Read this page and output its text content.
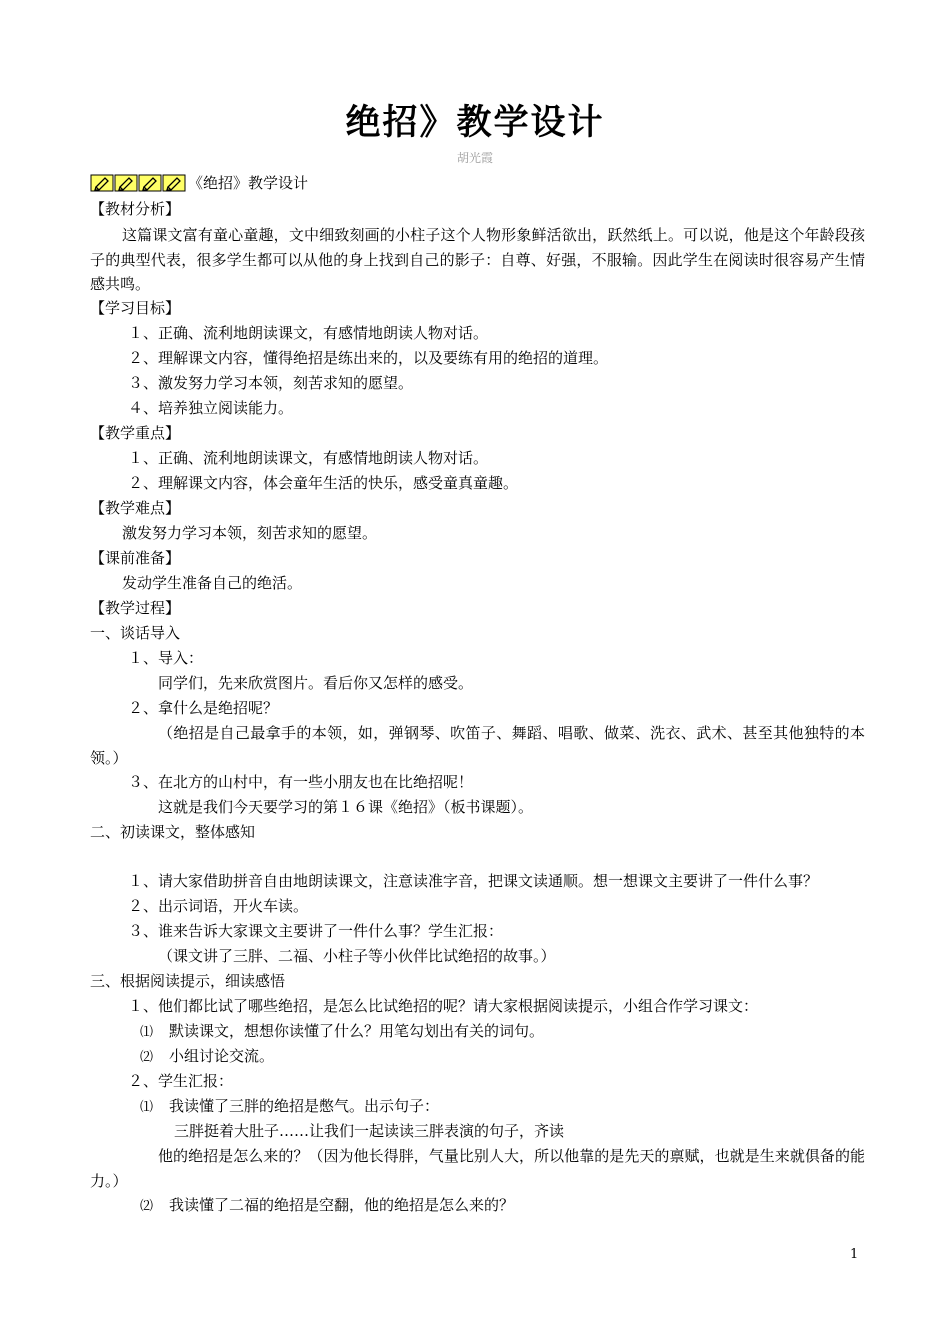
绝招》教学设计
胡光霞
《绝招》教学设计
【教材分析】
这篇课文富有童心童趣，文中细致刻画的小柱子这个人物形象鲜活欲出，跃然纸上。可以说，他是这个年龄段孩子的典型代表，很多学生都可以从他的身上找到自己的影子：自尊、好强，不服输。因此学生在阅读时很容易产生情感共鸣。
【学习目标】
１、正确、流利地朗读课文，有感情地朗读人物对话。
２、理解课文内容，懂得绝招是练出来的，以及要练有用的绝招的道理。
３、激发努力学习本领，刻苦求知的愿望。
４、培养独立阅读能力。
【教学重点】
１、正确、流利地朗读课文，有感情地朗读人物对话。
２、理解课文内容，体会童年生活的快乐，感受童真童趣。
【教学难点】
激发努力学习本领，刻苦求知的愿望。
【课前准备】
发动学生准备自己的绝活。
【教学过程】
一、谈话导入
１、导入：
同学们，先来欣赏图片。看后你又怎样的感受。
２、拿什么是绝招呢？
（绝招是自己最拿手的本领，如，弹钢琴、吹笛子、舞蹈、唱歌、做菜、洗衣、武术、甚至其他独特的本领。）
３、在北方的山村中，有一些小朋友也在比绝招呢！
这就是我们今天要学习的第１６课《绝招》（板书课题）。
二、初读课文，整体感知
１、请大家借助拼音自由地朗读课文，注意读准字音，把课文读通顺。想一想课文主要讲了一件什么事？
２、出示词语，开火车读。
３、谁来告诉大家课文主要讲了一件什么事？学生汇报：
（课文讲了三胖、二福、小柱子等小伙伴比试绝招的故事。）
三、根据阅读提示，细读感悟
１、他们都比试了哪些绝招，是怎么比试绝招的呢？请大家根据阅读提示，小组合作学习课文：
⑴ 默读课文，想想你读懂了什么？用笔勾划出有关的词句。
⑵ 小组讨论交流。
２、学生汇报：
⑴ 我读懂了三胖的绝招是憋气。出示句子：
三胖挺着大肚子……让我们一起读读三胖表演的句子，齐读
他的绝招是怎么来的？（因为他长得胖，气量比别人大，所以他靠的是先天的禀赋，也就是生来就俱备的能力。）
⑵ 我读懂了二福的绝招是空翻，他的绝招是怎么来的？
1
